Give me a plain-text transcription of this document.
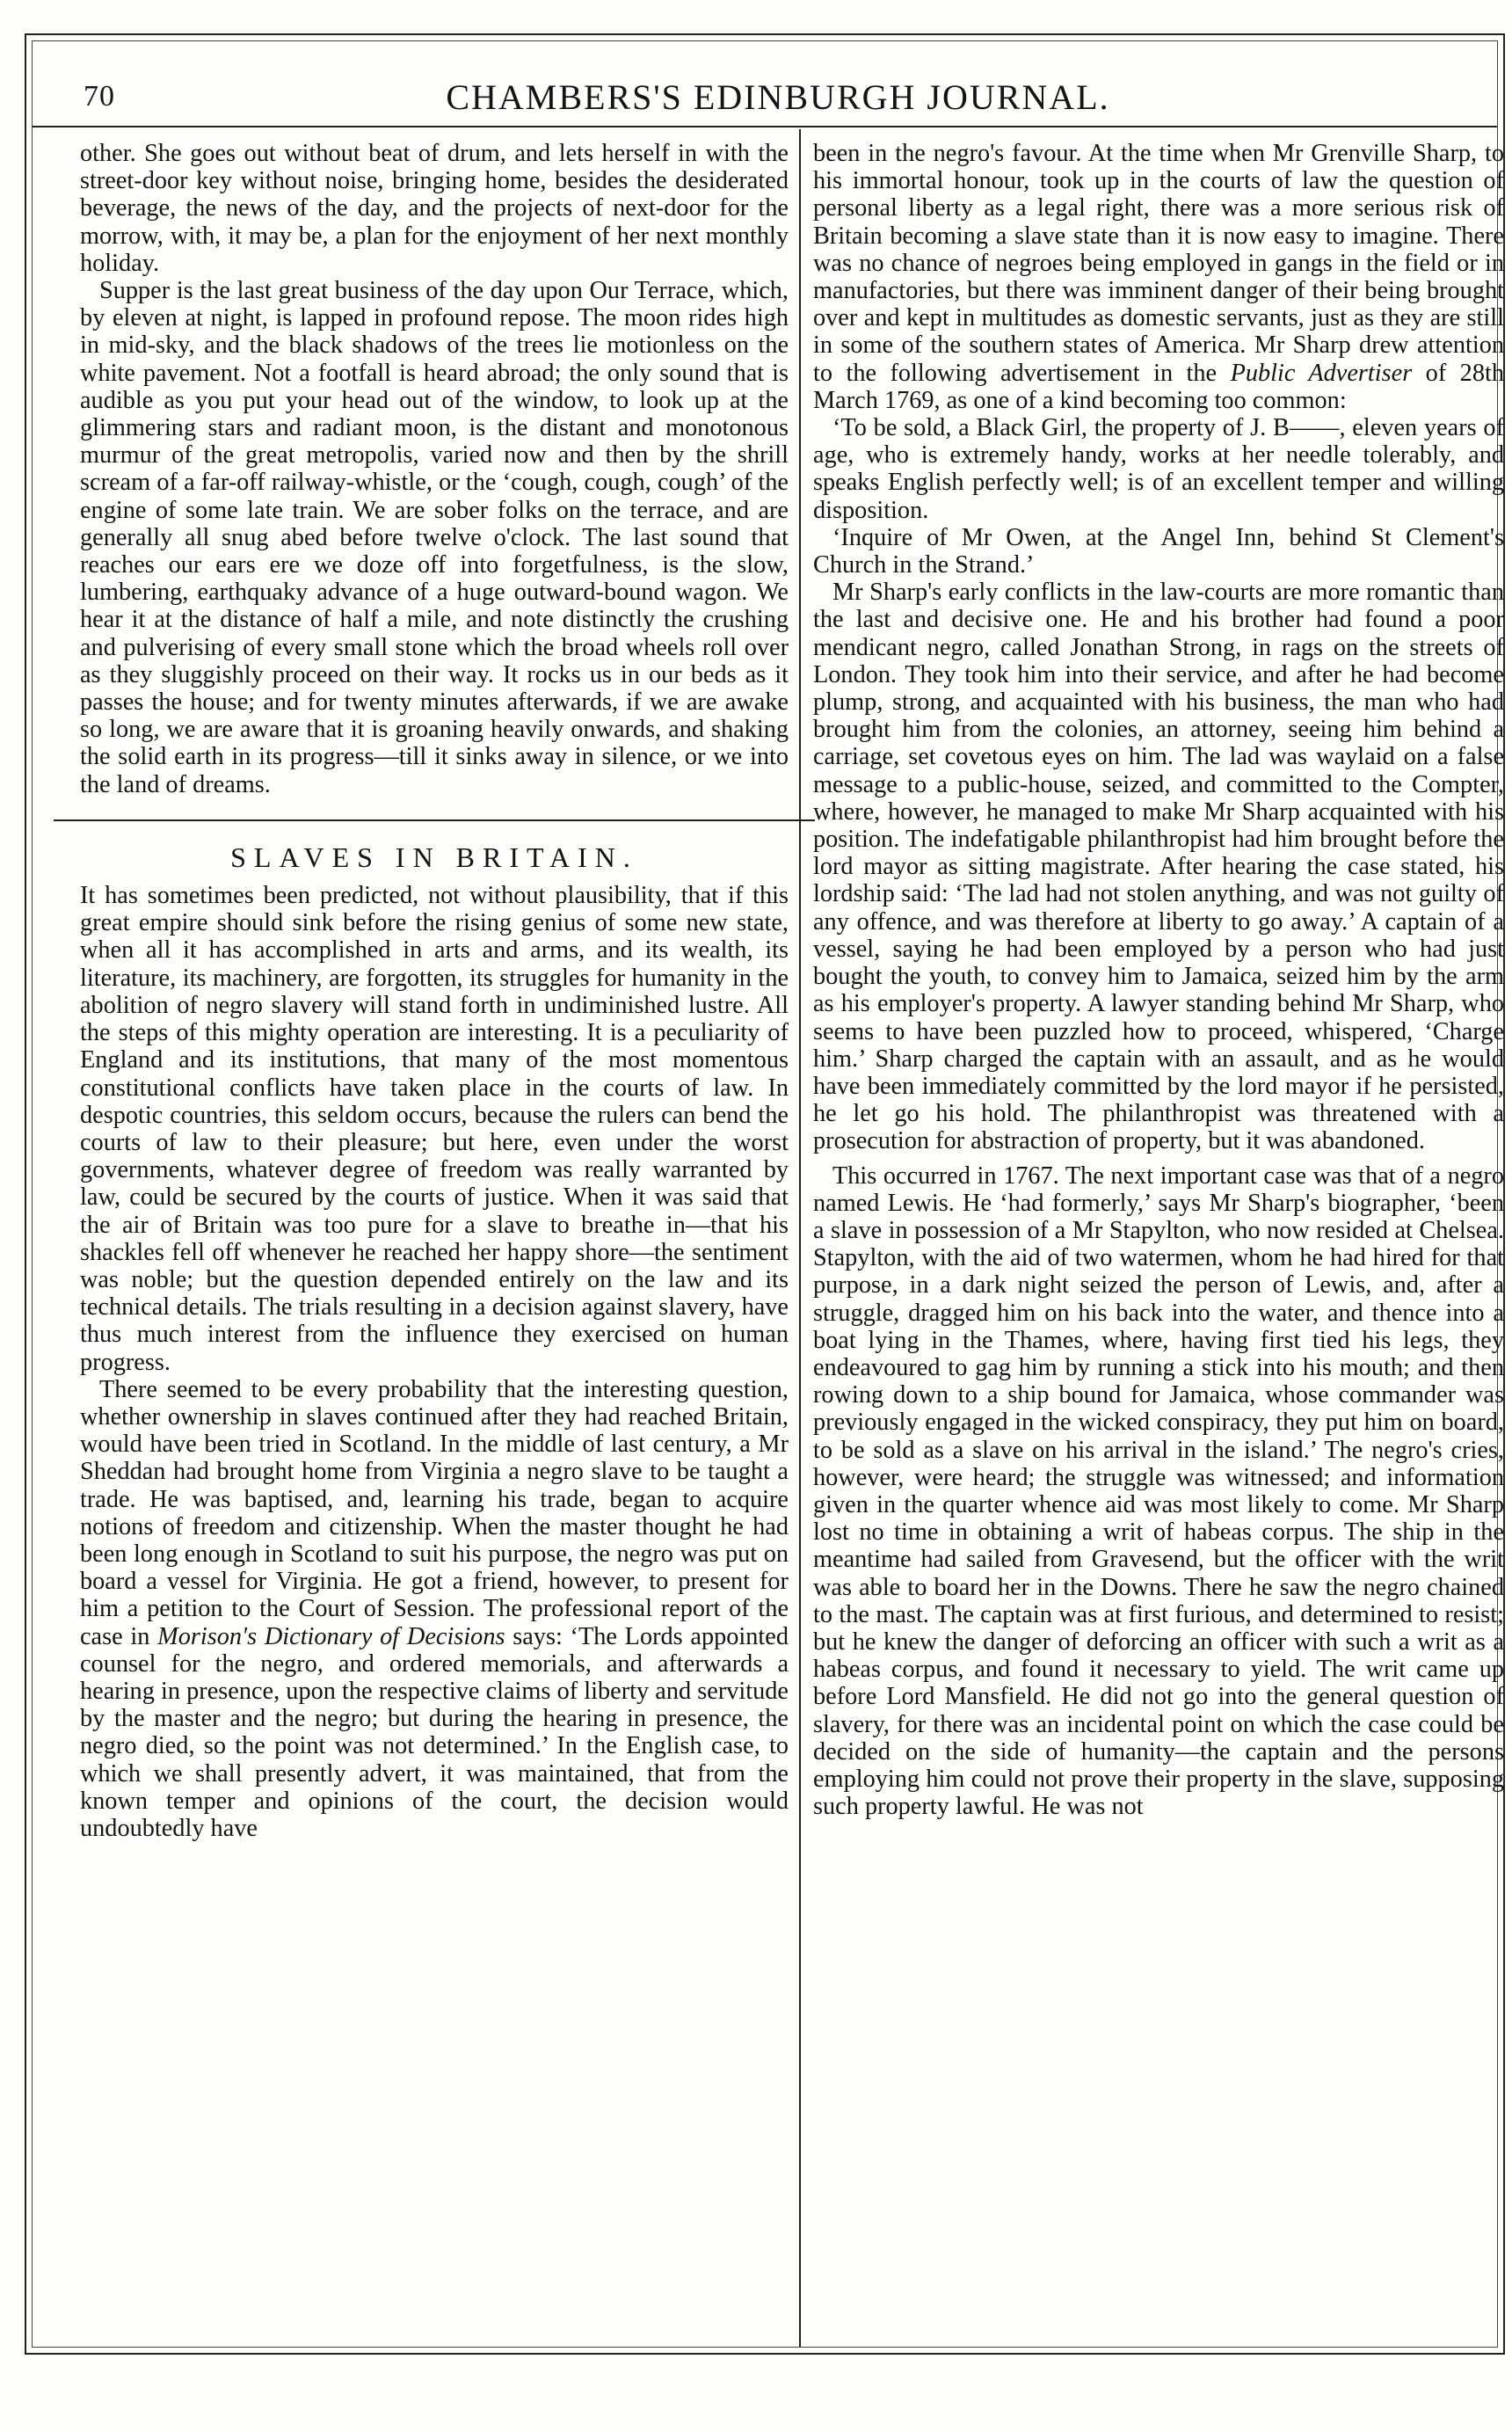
70	CHAMBERS'S EDINBURGH JOURNAL.

other. She goes out without beat of drum, and lets herself in with the street-door key without noise, bringing home, besides the desiderated beverage, the news of the day, and the projects of next-door for the morrow, with, it may be, a plan for the enjoyment of her next monthly holiday.

Supper is the last great business of the day upon Our Terrace, which, by eleven at night, is lapped in profound repose. The moon rides high in mid-sky, and the black shadows of the trees lie motionless on the white pavement. Not a footfall is heard abroad; the only sound that is audible as you put your head out of the window, to look up at the glimmering stars and radiant moon, is the distant and monotonous murmur of the great metropolis, varied now and then by the shrill scream of a far-off railway-whistle, or the ‘cough, cough, cough’ of the engine of some late train. We are sober folks on the terrace, and are generally all snug abed before twelve o'clock. The last sound that reaches our ears ere we doze off into forgetfulness, is the slow, lumbering, earthquaky advance of a huge outward-bound wagon. We hear it at the distance of half a mile, and note distinctly the crushing and pulverising of every small stone which the broad wheels roll over as they sluggishly proceed on their way. It rocks us in our beds as it passes the house; and for twenty minutes afterwards, if we are awake so long, we are aware that it is groaning heavily onwards, and shaking the solid earth in its progress—till it sinks away in silence, or we into the land of dreams.

SLAVES IN BRITAIN.

It has sometimes been predicted, not without plausibility, that if this great empire should sink before the rising genius of some new state, when all it has accomplished in arts and arms, and its wealth, its literature, its machinery, are forgotten, its struggles for humanity in the abolition of negro slavery will stand forth in undiminished lustre. All the steps of this mighty operation are interesting. It is a peculiarity of England and its institutions, that many of the most momentous constitutional conflicts have taken place in the courts of law. In despotic countries, this seldom occurs, because the rulers can bend the courts of law to their pleasure; but here, even under the worst governments, whatever degree of freedom was really warranted by law, could be secured by the courts of justice. When it was said that the air of Britain was too pure for a slave to breathe in—that his shackles fell off whenever he reached her happy shore—the sentiment was noble; but the question depended entirely on the law and its technical details. The trials resulting in a decision against slavery, have thus much interest from the influence they exercised on human progress.

There seemed to be every probability that the interesting question, whether ownership in slaves continued after they had reached Britain, would have been tried in Scotland. In the middle of last century, a Mr Sheddan had brought home from Virginia a negro slave to be taught a trade. He was baptised, and, learning his trade, began to acquire notions of freedom and citizenship. When the master thought he had been long enough in Scotland to suit his purpose, the negro was put on board a vessel for Virginia. He got a friend, however, to present for him a petition to the Court of Session. The professional report of the case in Morison's Dictionary of Decisions says: ‘The Lords appointed counsel for the negro, and ordered memorials, and afterwards a hearing in presence, upon the respective claims of liberty and servitude by the master and the negro; but during the hearing in presence, the negro died, so the point was not determined.’ In the English case, to which we shall presently advert, it was maintained, that from the known temper and opinions of the court, the decision would undoubtedly have

been in the negro's favour. At the time when Mr Grenville Sharp, to his immortal honour, took up in the courts of law the question of personal liberty as a legal right, there was a more serious risk of Britain becoming a slave state than it is now easy to imagine. There was no chance of negroes being employed in gangs in the field or in manufactories, but there was imminent danger of their being brought over and kept in multitudes as domestic servants, just as they are still in some of the southern states of America. Mr Sharp drew attention to the following advertisement in the Public Advertiser of 28th March 1769, as one of a kind becoming too common:

‘To be sold, a Black Girl, the property of J. B——, eleven years of age, who is extremely handy, works at her needle tolerably, and speaks English perfectly well; is of an excellent temper and willing disposition.

‘Inquire of Mr Owen, at the Angel Inn, behind St Clement's Church in the Strand.’

Mr Sharp's early conflicts in the law-courts are more romantic than the last and decisive one. He and his brother had found a poor mendicant negro, called Jonathan Strong, in rags on the streets of London. They took him into their service, and after he had become plump, strong, and acquainted with his business, the man who had brought him from the colonies, an attorney, seeing him behind a carriage, set covetous eyes on him. The lad was waylaid on a false message to a public-house, seized, and committed to the Compter, where, however, he managed to make Mr Sharp acquainted with his position. The indefatigable philanthropist had him brought before the lord mayor as sitting magistrate. After hearing the case stated, his lordship said: ‘The lad had not stolen anything, and was not guilty of any offence, and was therefore at liberty to go away.’ A captain of a vessel, saying he had been employed by a person who had just bought the youth, to convey him to Jamaica, seized him by the arm as his employer's property. A lawyer standing behind Mr Sharp, who seems to have been puzzled how to proceed, whispered, ‘Charge him.’ Sharp charged the captain with an assault, and as he would have been immediately committed by the lord mayor if he persisted, he let go his hold. The philanthropist was threatened with a prosecution for abstraction of property, but it was abandoned.

This occurred in 1767. The next important case was that of a negro named Lewis. He ‘had formerly,’ says Mr Sharp's biographer, ‘been a slave in possession of a Mr Stapylton, who now resided at Chelsea. Stapylton, with the aid of two watermen, whom he had hired for that purpose, in a dark night seized the person of Lewis, and, after a struggle, dragged him on his back into the water, and thence into a boat lying in the Thames, where, having first tied his legs, they endeavoured to gag him by running a stick into his mouth; and then rowing down to a ship bound for Jamaica, whose commander was previously engaged in the wicked conspiracy, they put him on board, to be sold as a slave on his arrival in the island.’ The negro's cries, however, were heard; the struggle was witnessed; and information given in the quarter whence aid was most likely to come. Mr Sharp lost no time in obtaining a writ of habeas corpus. The ship in the meantime had sailed from Gravesend, but the officer with the writ was able to board her in the Downs. There he saw the negro chained to the mast. The captain was at first furious, and determined to resist; but he knew the danger of deforcing an officer with such a writ as a habeas corpus, and found it necessary to yield. The writ came up before Lord Mansfield. He did not go into the general question of slavery, for there was an incidental point on which the case could be decided on the side of humanity—the captain and the persons employing him could not prove their property in the slave, supposing such property lawful. He was not
